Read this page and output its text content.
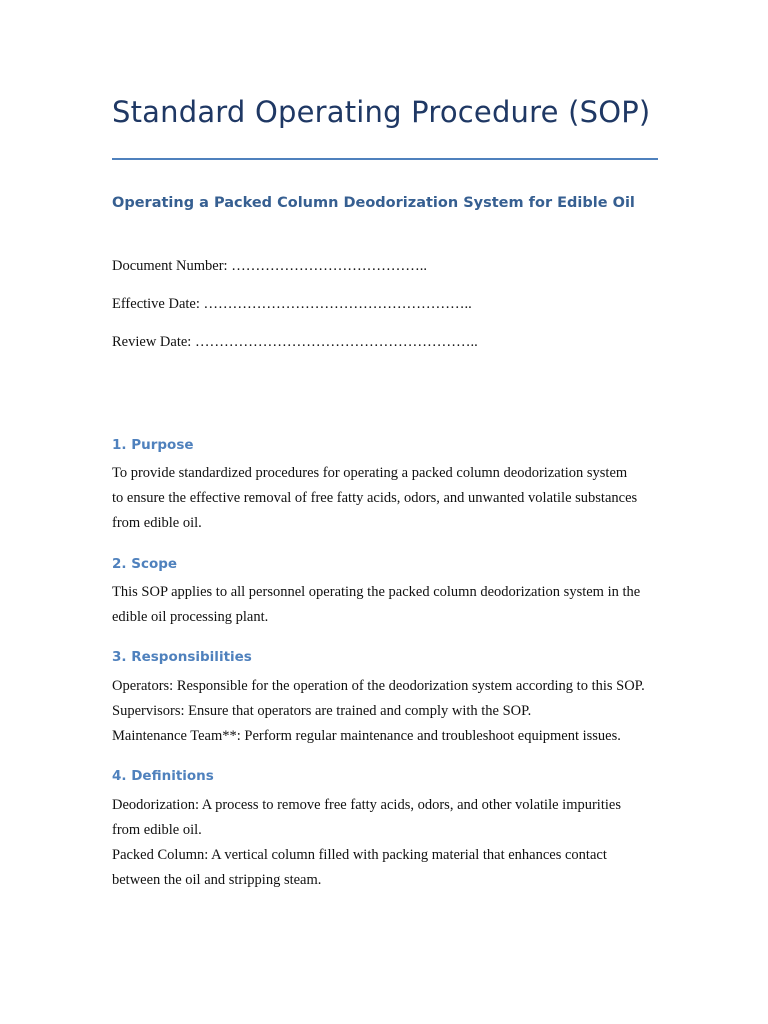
Standard Operating Procedure (SOP)
Operating a Packed Column Deodorization System for Edible Oil
Document Number: …………………………………..
Effective Date: ………………………………………………..
Review Date: …………………………………………………..
1. Purpose
To provide standardized procedures for operating a packed column deodorization system
to ensure the effective removal of free fatty acids, odors, and unwanted volatile substances
from edible oil.
2. Scope
This SOP applies to all personnel operating the packed column deodorization system in the
edible oil processing plant.
3. Responsibilities
Operators: Responsible for the operation of the deodorization system according to this SOP.
Supervisors: Ensure that operators are trained and comply with the SOP.
Maintenance Team**: Perform regular maintenance and troubleshoot equipment issues.
4. Definitions
Deodorization: A process to remove free fatty acids, odors, and other volatile impurities
from edible oil.
Packed Column: A vertical column filled with packing material that enhances contact
between the oil and stripping steam.
